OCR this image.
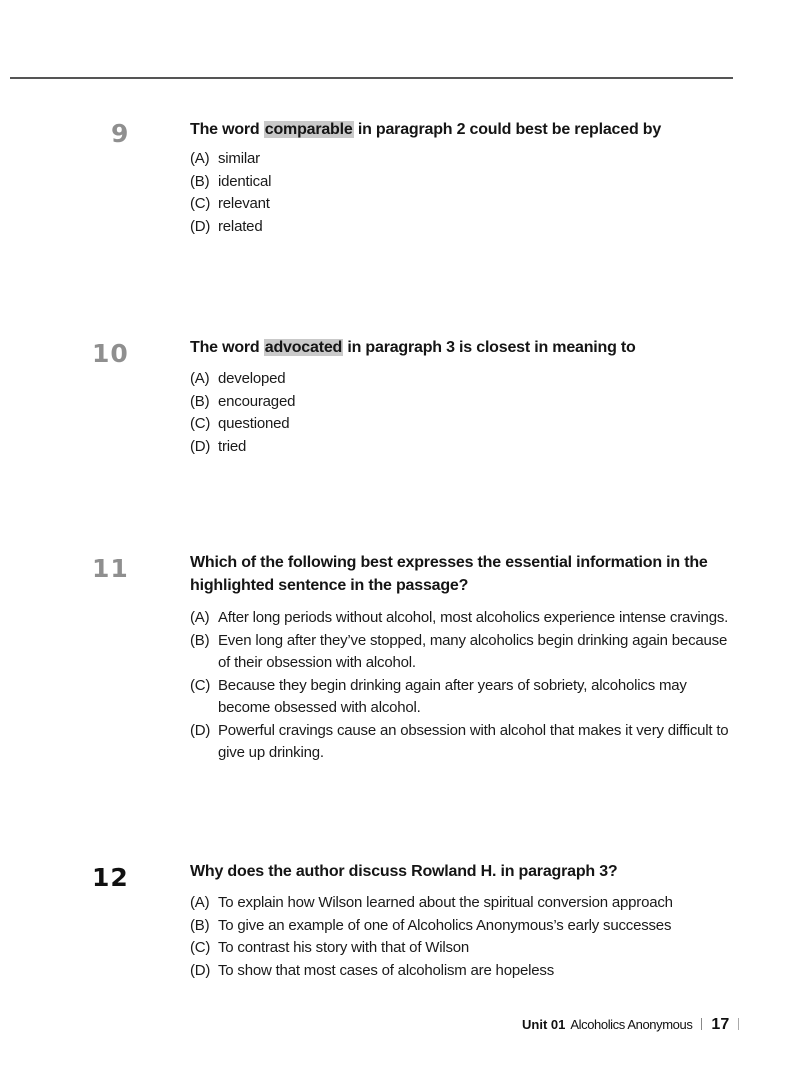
9	The word comparable in paragraph 2 could best be replaced by
(A) similar
(B) identical
(C) relevant
(D) related
10	The word advocated in paragraph 3 is closest in meaning to
(A) developed
(B) encouraged
(C) questioned
(D) tried
11	Which of the following best expresses the essential information in the highlighted sentence in the passage?
(A) After long periods without alcohol, most alcoholics experience intense cravings.
(B) Even long after they’ve stopped, many alcoholics begin drinking again because of their obsession with alcohol.
(C) Because they begin drinking again after years of sobriety, alcoholics may become obsessed with alcohol.
(D) Powerful cravings cause an obsession with alcohol that makes it very difficult to give up drinking.
12	Why does the author discuss Rowland H. in paragraph 3?
(A) To explain how Wilson learned about the spiritual conversion approach
(B) To give an example of one of Alcoholics Anonymous’s early successes
(C) To contrast his story with that of Wilson
(D) To show that most cases of alcoholism are hopeless
Unit 01 Alcoholics Anonymous 17
